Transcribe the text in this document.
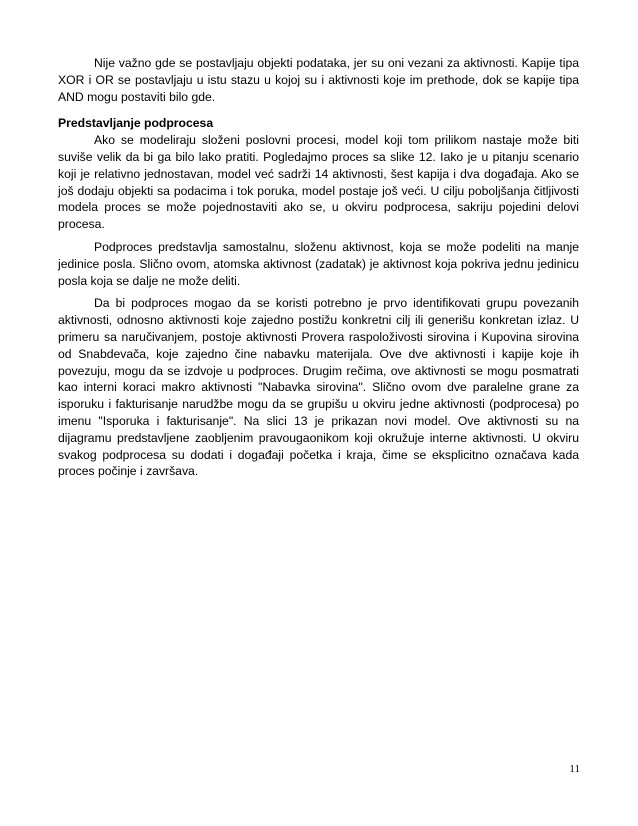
Nije važno gde se postavljaju objekti podataka, jer su oni vezani za aktivnosti. Kapije tipa XOR i OR se postavljaju u istu stazu u kojoj su i aktivnosti koje im prethode, dok se kapije tipa AND mogu postaviti bilo gde.

Predstavljanje podprocesa

Ako se modeliraju složeni poslovni procesi, model koji tom prilikom nastaje može biti suviše velik da bi ga bilo lako pratiti. Pogledajmo proces sa slike 12. Iako je u pitanju scenario koji je relativno jednostavan, model već sadrži 14 aktivnosti, šest kapija i dva događaja. Ako se još dodaju objekti sa podacima i tok poruka, model postaje još veći. U cilju poboljšanja čitljivosti modela proces se može pojednostaviti ako se, u okviru podprocesa, sakriju pojedini delovi procesa.

Podproces predstavlja samostalnu, složenu aktivnost, koja se može podeliti na manje jedinice posla. Slično ovom, atomska aktivnost (zadatak) je aktivnost koja pokriva jednu jedinicu posla koja se dalje ne može deliti.

Da bi podproces mogao da se koristi potrebno je prvo identifikovati grupu povezanih aktivnosti, odnosno aktivnosti koje zajedno postižu konkretni cilj ili generišu konkretan izlaz. U primeru sa naručivanjem, postoje aktivnosti Provera raspoloživosti sirovina i Kupovina sirovina od Snabdevača, koje zajedno čine nabavku materijala. Ove dve aktivnosti i kapije koje ih povezuju, mogu da se izdvoje u podproces. Drugim rečima, ove aktivnosti se mogu posmatrati kao interni koraci makro aktivnosti "Nabavka sirovina". Slično ovom dve paralelne grane za isporuku i fakturisanje narudžbe mogu da se grupišu u okviru jedne aktivnosti (podprocesa) po imenu "Isporuka i fakturisanje". Na slici 13 je prikazan novi model. Ove aktivnosti su na dijagramu predstavljene zaobljenim pravougaonikom koji okružuje interne aktivnosti. U okviru svakog podprocesa su dodati i događaji početka i kraja, čime se eksplicitno označava kada proces počinje i završava.

11
